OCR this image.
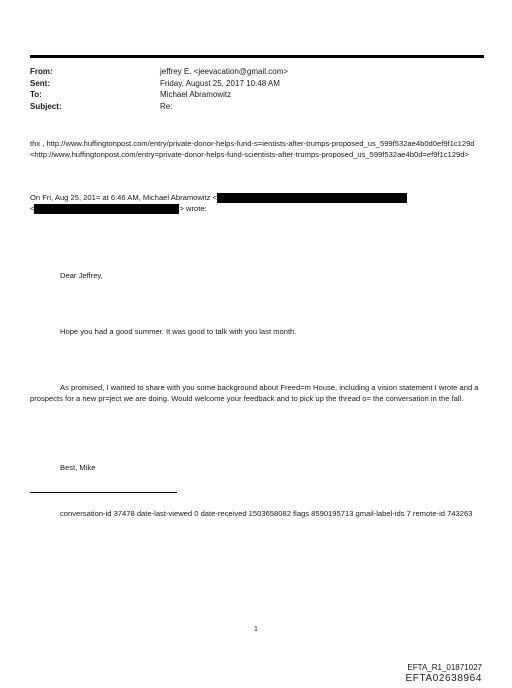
From:	jeffrey E. <jeevacation@gmail.com>
Sent:	Friday, August 25, 2017 10:48 AM
To:	Michael Abramowitz
Subject:	Re:
thx , http://www.huffingtonpost.com/entry/private-donor-helps-fund-s=ientists-after-trumps-proposed_us_599f532ae4b0d0ef9f1c129d <http://www.huffingtonpost.com/entry=private-donor-helps-fund-scientists-after-trumps-proposed_us_599f532ae4b0d=ef9f1c129d>
On Fri, Aug 25, 201= at 6:46 AM, Michael Abramowitz <
<	> wrote:
Dear Jeffrey,
Hope you had a good summer. It was good to talk with you last month.
As promised, I wanted to share with you some background about Freed=m House, including a vision statement I wrote and a prospects for a new pr=ject we are doing. Would welcome your feedback and to pick up the thread o= the conversation in the fall.
Best, Mike
conversation-id 37478 date-last-viewed 0 date-received 1503658082 flags 8590195713 gmail-label-ids 7 remote-id 743263
1
EFTA_R1_01871027
EFTA02638964
